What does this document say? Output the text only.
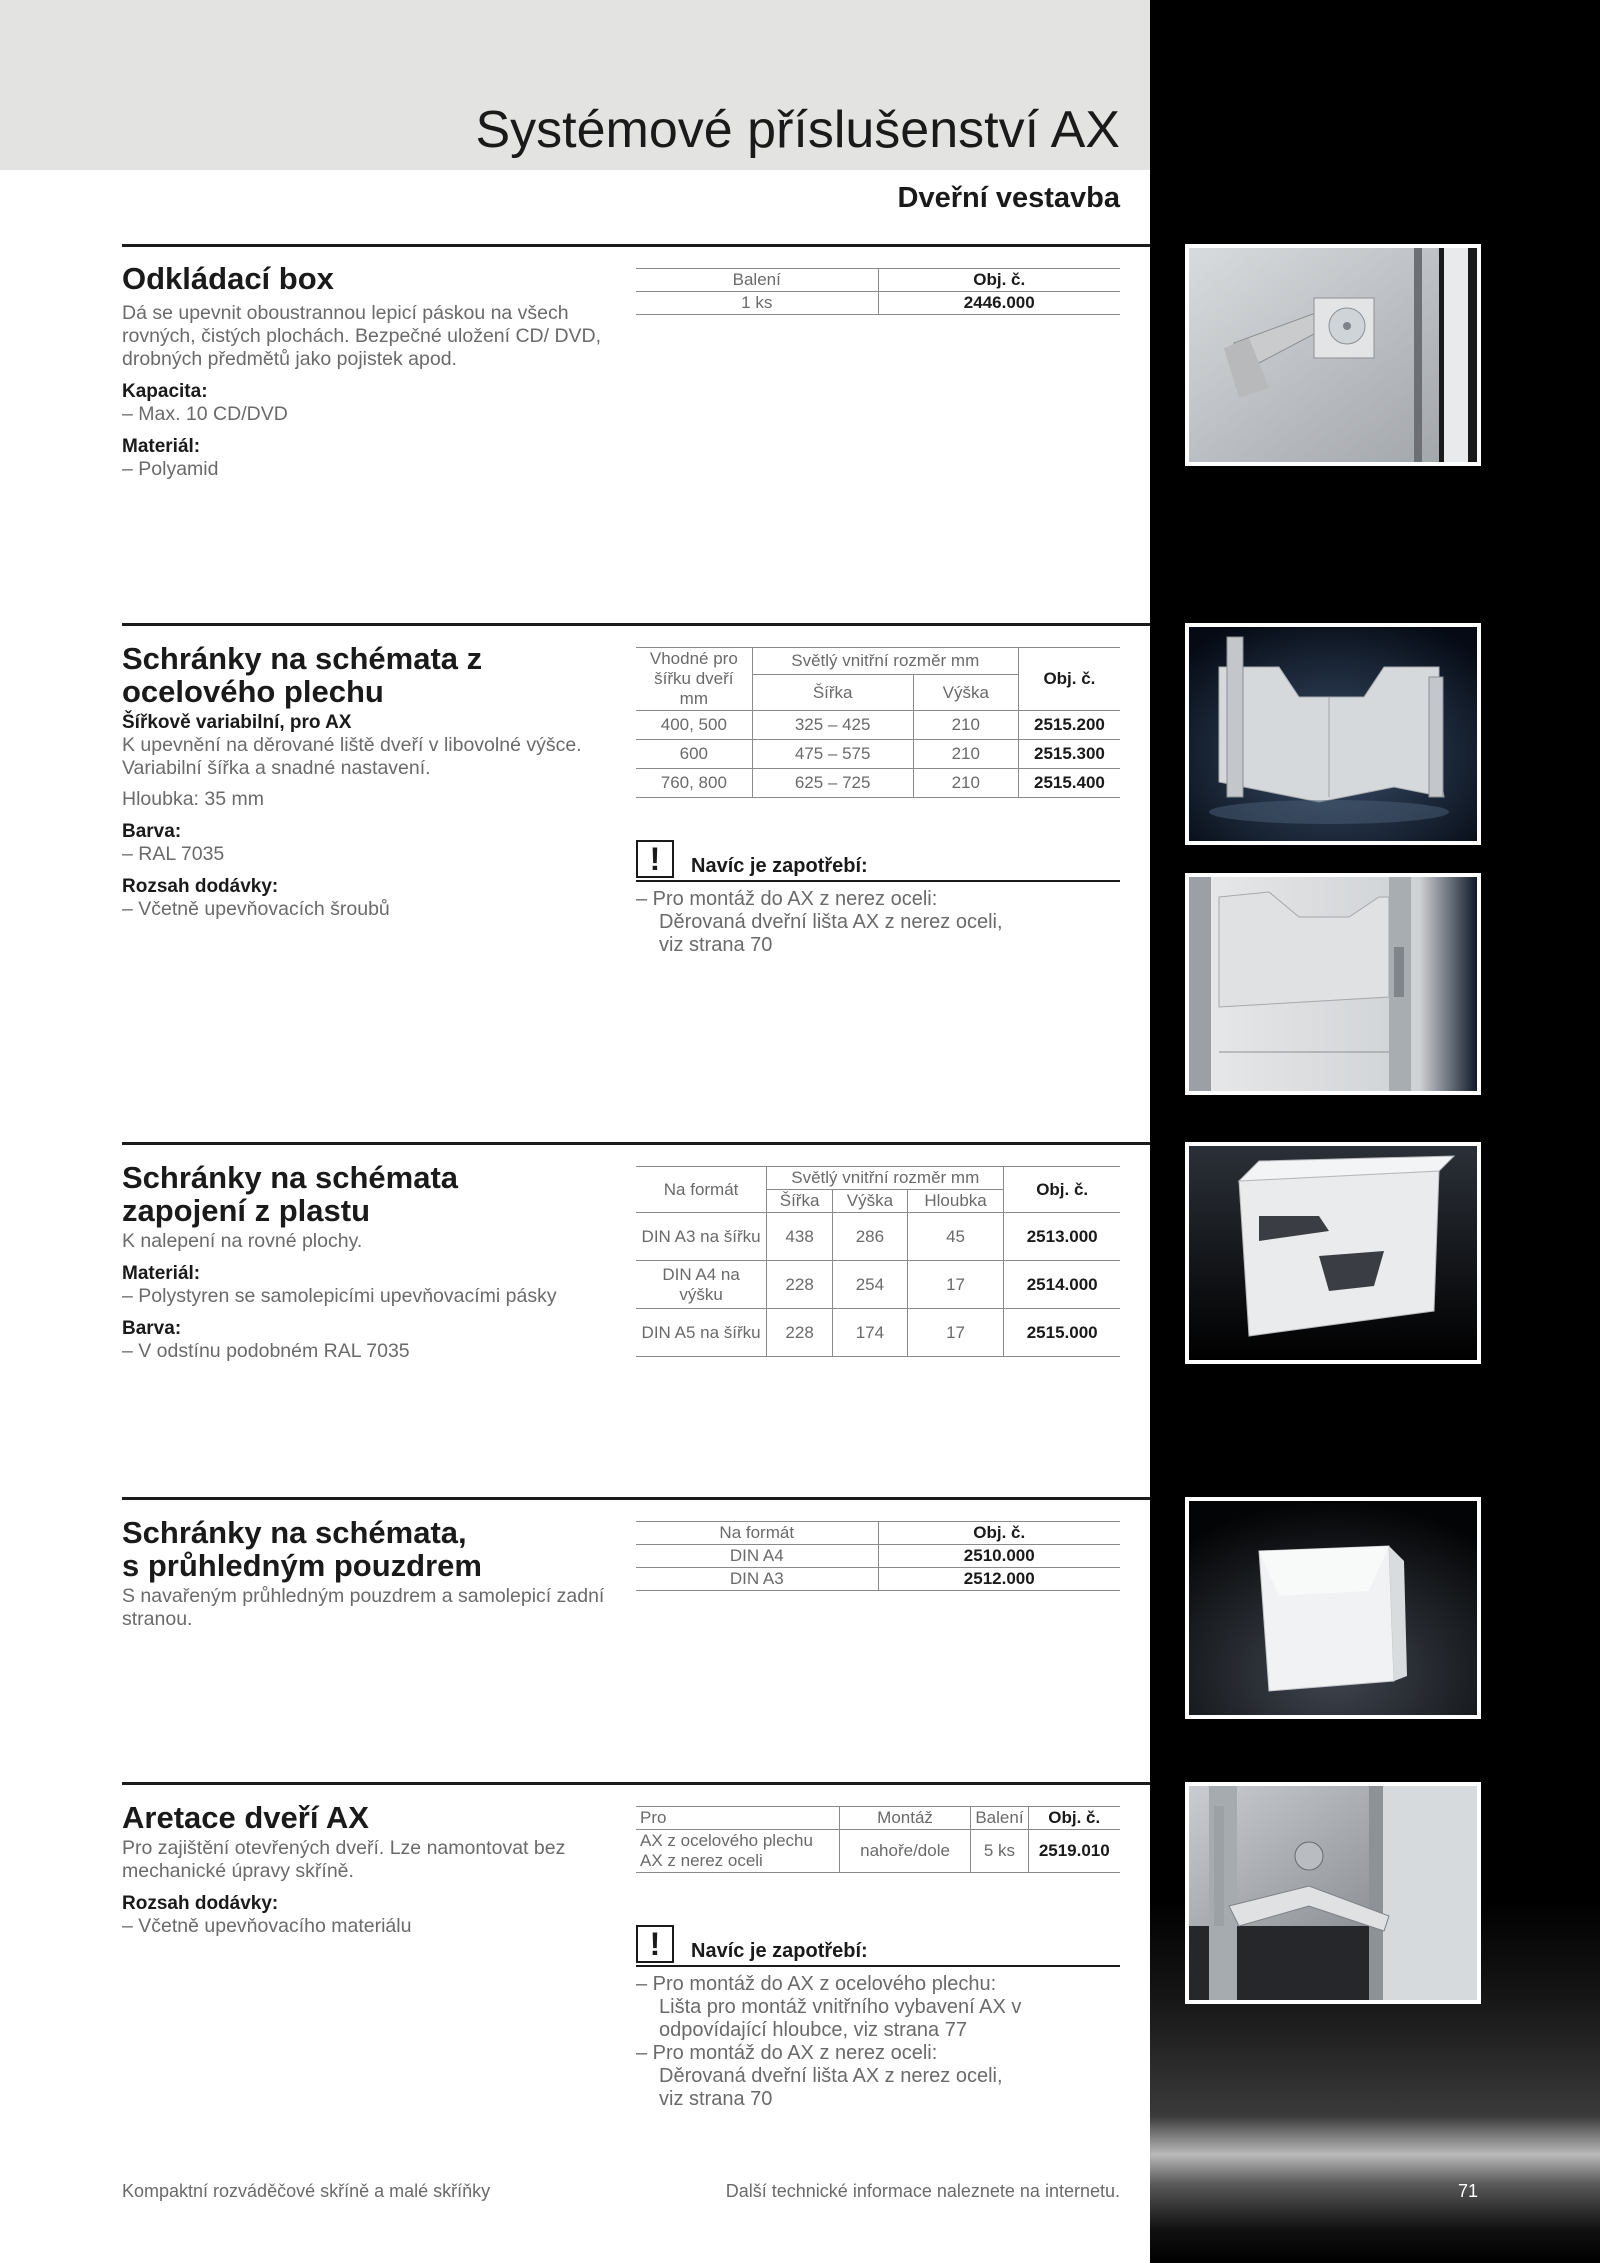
Systémové příslušenství AX
Dveřní vestavba
Odkládací box
Dá se upevnit oboustrannou lepicí páskou na všech rovných, čistých plochách. Bezpečné uložení CD/ DVD, drobných předmětů jako pojistek apod.
Kapacita:
– Max. 10 CD/DVD
Materiál:
– Polyamid
Balení	Obj. č.
1 ks	2446.000
Schránky na schémata z ocelového plechu
Šířkově variabilní, pro AX
K upevnění na děrované liště dveří v libovolné výšce. Variabilní šířka a snadné nastavení.
Hloubka: 35 mm
Barva:
– RAL 7035
Rozsah dodávky:
– Včetně upevňovacích šroubů
Vhodné pro šířku dveří mm	Světlý vnitřní rozměr mm		Obj. č.
	Šířka	Výška	
400, 500	325 – 425	210	2515.200
600	475 – 575	210	2515.300
760, 800	625 – 725	210	2515.400
!	Navíc je zapotřebí:
– Pro montáž do AX z nerez oceli:
Děrovaná dveřní lišta AX z nerez oceli,
viz strana 70
Schránky na schémata
zapojení z plastu
K nalepení na rovné plochy.
Materiál:
– Polystyren se samolepicími upevňovacími pásky
Barva:
– V odstínu podobném RAL 7035
Na formát	Světlý vnitřní rozměr mm			Obj. č.
	Šířka	Výška	Hloubka	
DIN A3 na šířku	438	286	45	2513.000
DIN A4 na výšku	228	254	17	2514.000
DIN A5 na šířku	228	174	17	2515.000
Schránky na schémata,
s průhledným pouzdrem
S navařeným průhledným pouzdrem a samolepicí zadní stranou.
Na formát	Obj. č.
DIN A4	2510.000
DIN A3	2512.000
Aretace dveří AX
Pro zajištění otevřených dveří. Lze namontovat bez mechanické úpravy skříně.
Rozsah dodávky:
– Včetně upevňovacího materiálu
Pro	Montáž	Balení	Obj. č.

AX z ocelového plechu
AX z nerez oceli	nahoře/dole	5 ks	2519.010
!	Navíc je zapotřebí:
– Pro montáž do AX z ocelového plechu:
Lišta pro montáž vnitřního vybavení AX v
odpovídající hloubce, viz strana 77
– Pro montáž do AX z nerez oceli:
Děrovaná dveřní lišta AX z nerez oceli,
viz strana 70
Kompaktní rozváděčové skříně a malé skříňky	Další technické informace naleznete na internetu.	71
